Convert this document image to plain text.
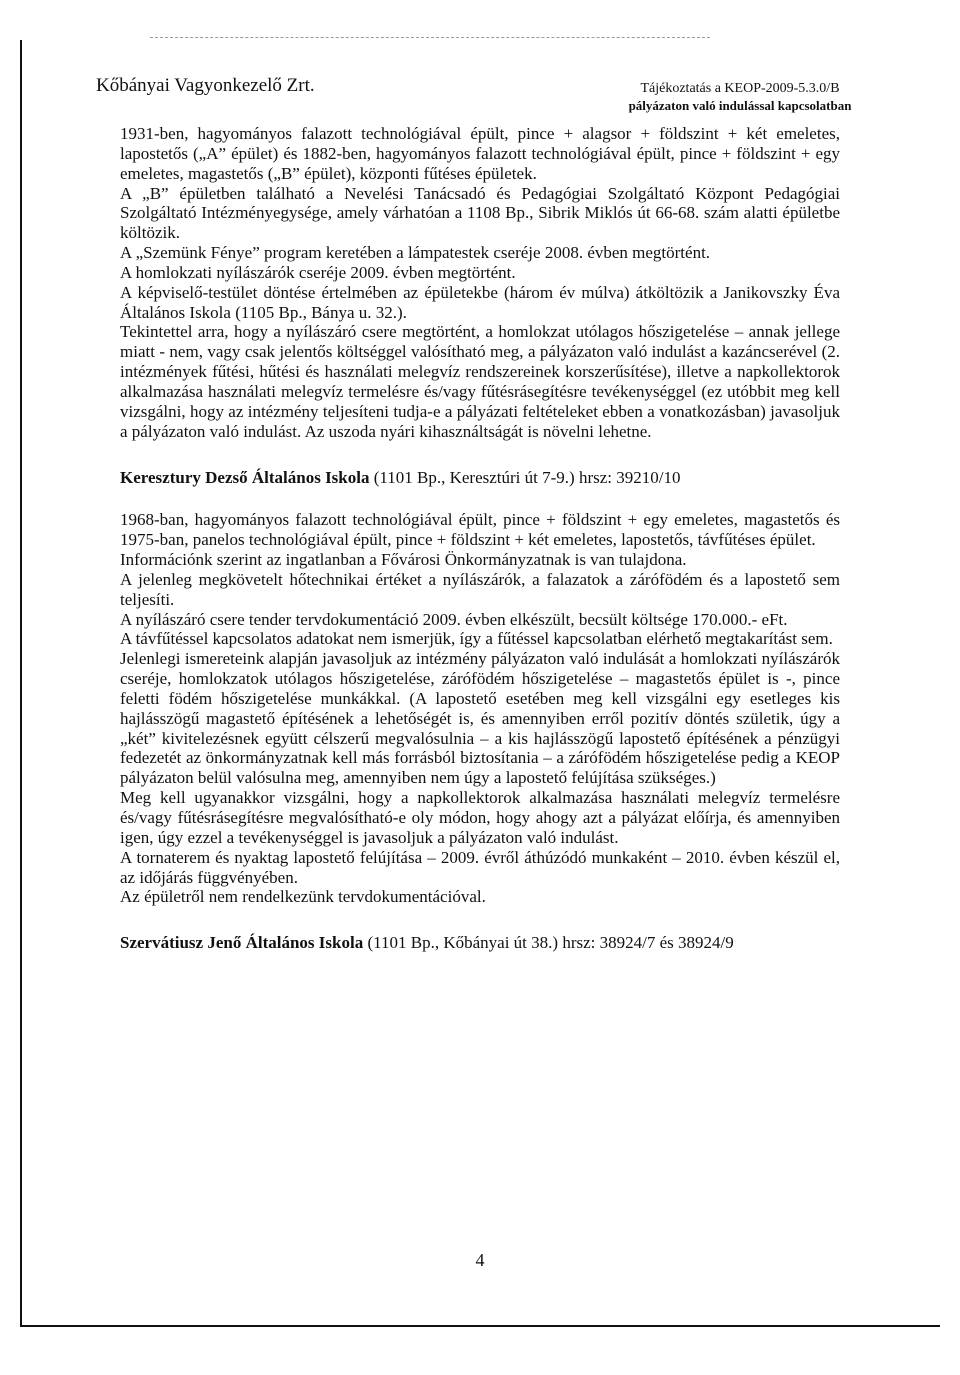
Kőbányai Vagyonkezelő Zrt.	Tájékoztatás a KEOP-2009-5.3.0/B
pályázaton való indulással kapcsolatban

1931-ben, hagyományos falazott technológiával épült, pince + alagsor + földszint + két emeletes, lapostetős („A” épület) és 1882-ben, hagyományos falazott technológiával épült, pince + földszint + egy emeletes, magastetős („B” épület), központi fűtéses épületek.

A „B” épületben található a Nevelési Tanácsadó és Pedagógiai Szolgáltató Központ Pedagógiai Szolgáltató Intézményegysége, amely várhatóan a 1108 Bp., Sibrik Miklós út 66-68. szám alatti épületbe költözik.

A „Szemünk Fénye” program keretében a lámpatestek cseréje 2008. évben megtörtént.

A homlokzati nyílászárók cseréje 2009. évben megtörtént.

A képviselő-testület döntése értelmében az épületekbe (három év múlva) átköltözik a Janikovszky Éva Általános Iskola (1105 Bp., Bánya u. 32.).

Tekintettel arra, hogy a nyílászáró csere megtörtént, a homlokzat utólagos hőszigetelése – annak jellege miatt - nem, vagy csak jelentős költséggel valósítható meg, a pályázaton való indulást a kazáncserével (2. intézmények fűtési, hűtési és használati melegvíz rendszereinek korszerűsítése), illetve a napkollektorok alkalmazása használati melegvíz termelésre és/vagy fűtésrásegítésre tevékenységgel (ez utóbbit meg kell vizsgálni, hogy az intézmény teljesíteni tudja-e a pályázati feltételeket ebben a vonatkozásban) javasoljuk a pályázaton való indulást. Az uszoda nyári kihasználtságát is növelni lehetne.

Keresztury Dezső Általános Iskola (1101 Bp., Keresztúri út 7-9.) hrsz: 39210/10

1968-ban, hagyományos falazott technológiával épült, pince + földszint + egy emeletes, magastetős és 1975-ban, panelos technológiával épült, pince + földszint + két emeletes, lapostetős, távfűtéses épület.

Információnk szerint az ingatlanban a Fővárosi Önkormányzatnak is van tulajdona.

A jelenleg megkövetelt hőtechnikai értéket a nyílászárók, a falazatok a zárófödém és a lapostető sem teljesíti.

A nyílászáró csere tender tervdokumentáció 2009. évben elkészült, becsült költsége 170.000.- eFt.

A távfűtéssel kapcsolatos adatokat nem ismerjük, így a fűtéssel kapcsolatban elérhető megtakarítást sem.

Jelenlegi ismereteink alapján javasoljuk az intézmény pályázaton való indulását a homlokzati nyílászárók cseréje, homlokzatok utólagos hőszigetelése, zárófödém hőszigetelése – magastetős épület is -, pince feletti födém hőszigetelése munkákkal. (A lapostető esetében meg kell vizsgálni egy esetleges kis hajlásszögű magastető építésének a lehetőségét is, és amennyiben erről pozitív döntés születik, úgy a „két” kivitelezésnek együtt célszerű megvalósulnia – a kis hajlásszögű lapostető építésének a pénzügyi fedezetét az önkormányzatnak kell más forrásból biztosítania – a zárófödém hőszigetelése pedig a KEOP pályázaton belül valósulna meg, amennyiben nem úgy a lapostető felújítása szükséges.)

Meg kell ugyanakkor vizsgálni, hogy a napkollektorok alkalmazása használati melegvíz termelésre és/vagy fűtésrásegítésre megvalósítható-e oly módon, hogy ahogy azt a pályázat előírja, és amennyiben igen, úgy ezzel a tevékenységgel is javasoljuk a pályázaton való indulást.

A tornaterem és nyaktag lapostető felújítása – 2009. évről áthúzódó munkaként – 2010. évben készül el, az időjárás függvényében.

Az épületről nem rendelkezünk tervdokumentációval.

Szervátiusz Jenő Általános Iskola (1101 Bp., Kőbányai út 38.) hrsz: 38924/7 és 38924/9

4
